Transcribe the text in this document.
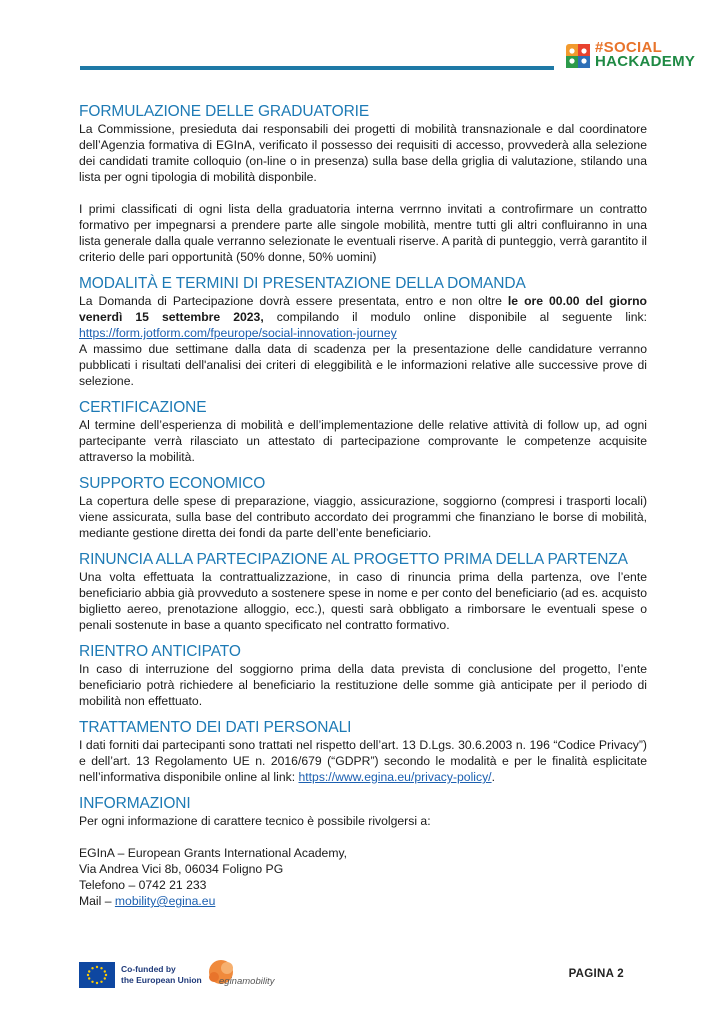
#SOCIAL
HACKADEMY
FORMULAZIONE DELLE GRADUATORIE

La Commissione, presieduta dai responsabili dei progetti di mobilità transnazionale e dal coordinatore dell’Agenzia formativa di EGInA, verificato il possesso dei requisiti di accesso, provvederà alla selezione dei candidati tramite colloquio (on-line o in presenza) sulla base della griglia di valutazione, stilando una lista per ogni tipologia di mobilità disponbile.

I primi classificati di ogni lista della graduatoria interna verrnno invitati a controfirmare un contratto formativo per impegnarsi a prendere parte alle singole mobilità, mentre tutti gli altri confluiranno in una lista generale dalla quale verranno selezionate le eventuali riserve. A parità di punteggio, verrà garantito il criterio delle pari opportunità (50% donne, 50% uomini)

MODALITÀ E TERMINI DI PRESENTAZIONE DELLA DOMANDA

La Domanda di Partecipazione dovrà essere presentata, entro e non oltre le ore 00.00 del giorno venerdì 15 settembre 2023, compilando il modulo online disponibile al seguente link: https://form.jotform.com/fpeurope/social-innovation-journey

A massimo due settimane dalla data di scadenza per la presentazione delle candidature verranno pubblicati i risultati dell'analisi dei criteri di eleggibilità e le informazioni relative alle successive prove di selezione.

CERTIFICAZIONE

Al termine dell’esperienza di mobilità e dell’implementazione delle relative attività di follow up, ad ogni partecipante verrà rilasciato un attestato di partecipazione comprovante le competenze acquisite attraverso la mobilità.

SUPPORTO ECONOMICO

La copertura delle spese di preparazione, viaggio, assicurazione, soggiorno (compresi i trasporti locali) viene assicurata, sulla base del contributo accordato dei programmi che finanziano le borse di mobilità, mediante gestione diretta dei fondi da parte dell’ente beneficiario.

RINUNCIA ALLA PARTECIPAZIONE AL PROGETTO PRIMA DELLA PARTENZA

Una volta effettuata la contrattualizzazione, in caso di rinuncia prima della partenza, ove l’ente beneficiario abbia già provveduto a sostenere spese in nome e per conto del beneficiario (ad es. acquisto biglietto aereo, prenotazione alloggio, ecc.), questi sarà obbligato a rimborsare le eventuali spese o penali sostenute in base a quanto specificato nel contratto formativo.

RIENTRO ANTICIPATO

In caso di interruzione del soggiorno prima della data prevista di conclusione del progetto, l’ente beneficiario potrà richiedere al beneficiario la restituzione delle somme già anticipate per il periodo di mobilità non effettuato.

TRATTAMENTO DEI DATI PERSONALI

I dati forniti dai partecipanti sono trattati nel rispetto dell’art. 13 D.Lgs. 30.6.2003 n. 196 “Codice Privacy”) e dell’art. 13 Regolamento UE n. 2016/679 (“GDPR”) secondo le modalità e per le finalità esplicitate nell’informativa disponibile online al link: https://www.egina.eu/privacy-policy/.

INFORMAZIONI

Per ogni informazione di carattere tecnico è possibile rivolgersi a:

EGInA – European Grants International Academy,

Via Andrea Vici 8b, 06034 Foligno PG

Telefono – 0742 21 233

Mail – mobility@egina.eu

Co-funded by
the European Union eginamobility
PAGINA 2
